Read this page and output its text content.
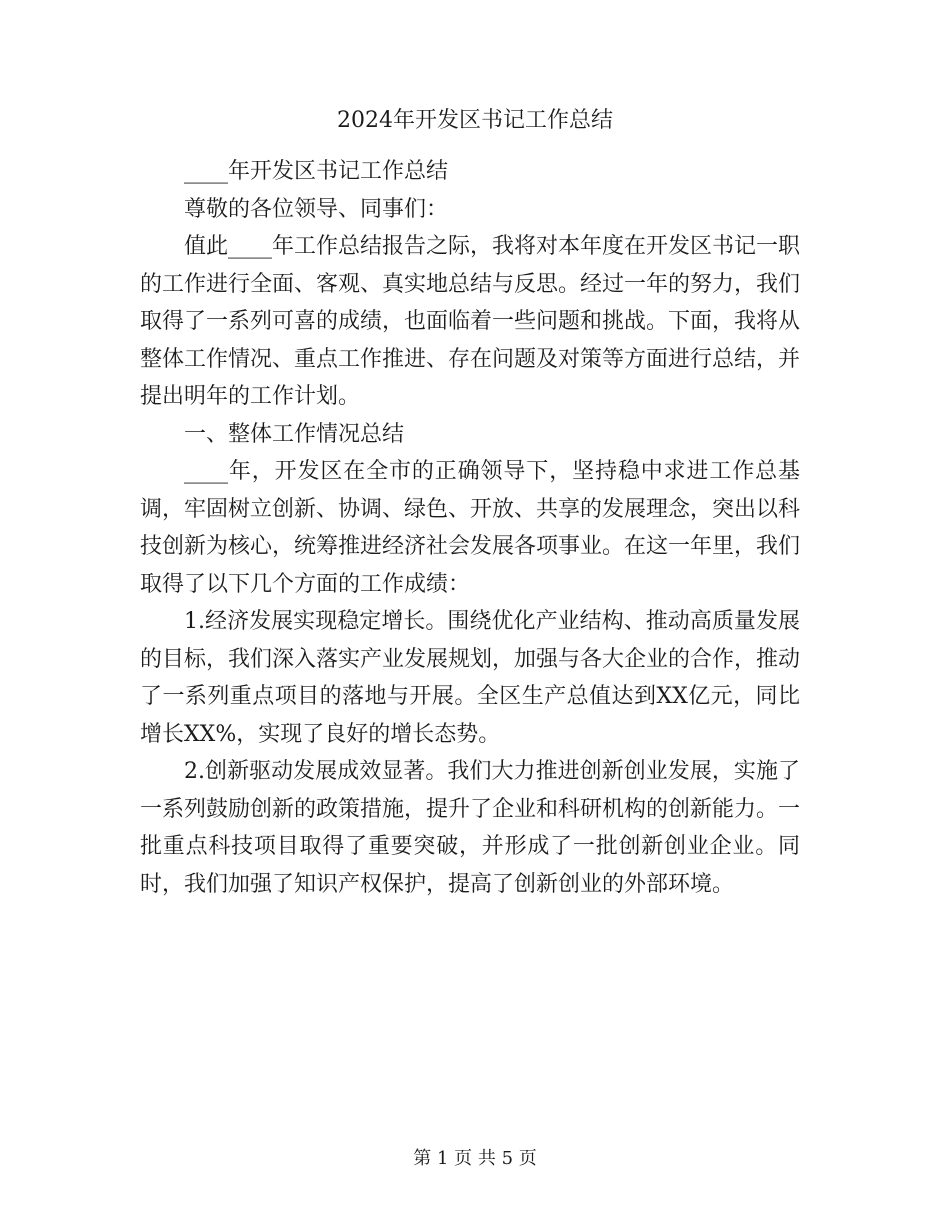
2024年开发区书记工作总结

____年开发区书记工作总结

尊敬的各位领导、同事们：

值此____年工作总结报告之际，我将对本年度在开发区书记一职的工作进行全面、客观、真实地总结与反思。经过一年的努力，我们取得了一系列可喜的成绩，也面临着一些问题和挑战。下面，我将从整体工作情况、重点工作推进、存在问题及对策等方面进行总结，并提出明年的工作计划。

一、整体工作情况总结

____年，开发区在全市的正确领导下，坚持稳中求进工作总基调，牢固树立创新、协调、绿色、开放、共享的发展理念，突出以科技创新为核心，统筹推进经济社会发展各项事业。在这一年里，我们取得了以下几个方面的工作成绩：

1.经济发展实现稳定增长。围绕优化产业结构、推动高质量发展的目标，我们深入落实产业发展规划，加强与各大企业的合作，推动了一系列重点项目的落地与开展。全区生产总值达到XX亿元，同比增长XX%，实现了良好的增长态势。

2.创新驱动发展成效显著。我们大力推进创新创业发展，实施了一系列鼓励创新的政策措施，提升了企业和科研机构的创新能力。一批重点科技项目取得了重要突破，并形成了一批创新创业企业。同时，我们加强了知识产权保护，提高了创新创业的外部环境。

第 1 页 共 5 页
